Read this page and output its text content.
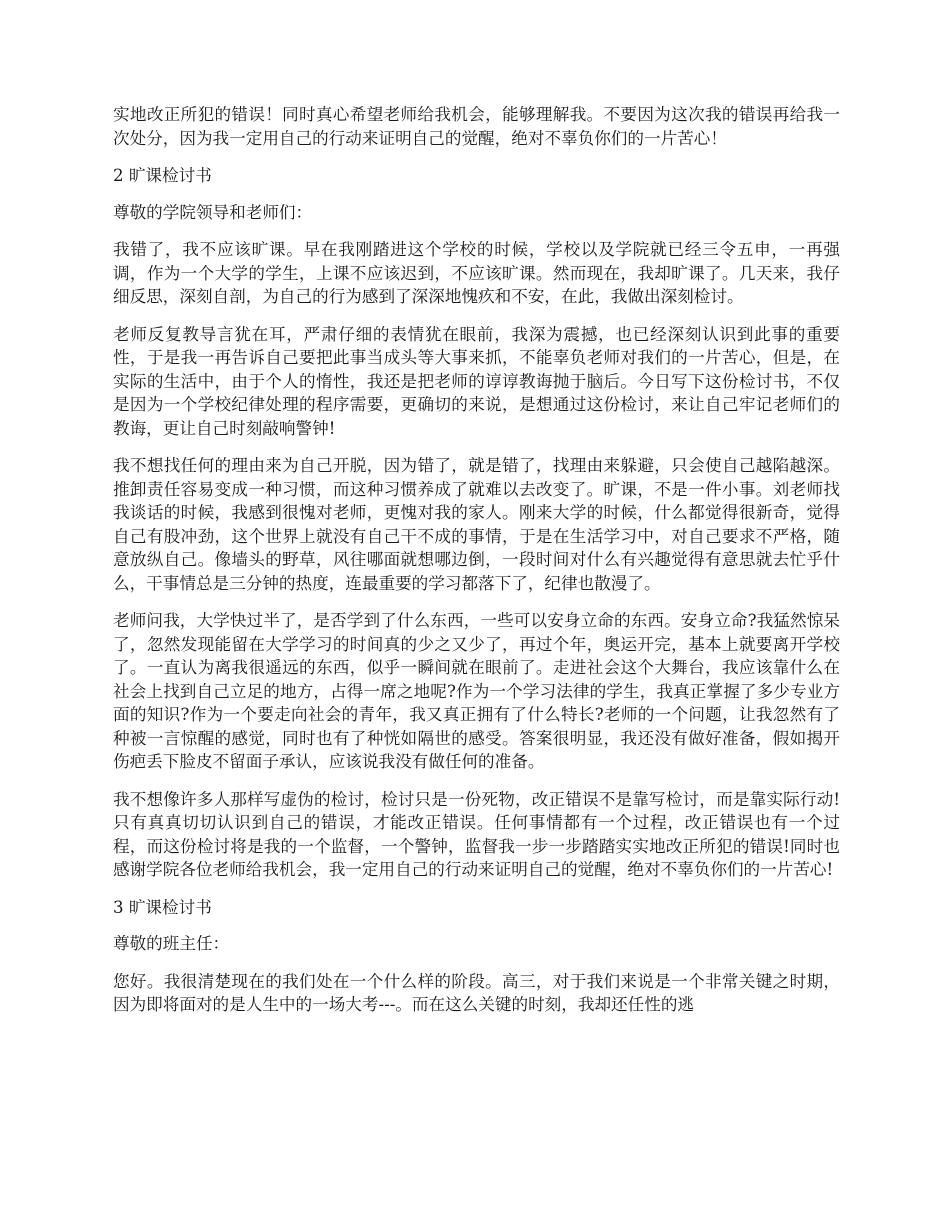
实地改正所犯的错误！同时真心希望老师给我机会，能够理解我。不要因为这次我的错误再给我一次处分，因为我一定用自己的行动来证明自己的觉醒，绝对不辜负你们的一片苦心！

2 旷课检讨书

尊敬的学院领导和老师们：

我错了，我不应该旷课。早在我刚踏进这个学校的时候，学校以及学院就已经三令五申，一再强调，作为一个大学的学生，上课不应该迟到，不应该旷课。然而现在，我却旷课了。几天来，我仔细反思，深刻自剖，为自己的行为感到了深深地愧疚和不安，在此，我做出深刻检讨。

老师反复教导言犹在耳，严肃仔细的表情犹在眼前，我深为震撼，也已经深刻认识到此事的重要性，于是我一再告诉自己要把此事当成头等大事来抓，不能辜负老师对我们的一片苦心，但是，在实际的生活中，由于个人的惰性，我还是把老师的谆谆教诲抛于脑后。今日写下这份检讨书，不仅是因为一个学校纪律处理的程序需要，更确切的来说，是想通过这份检讨，来让自己牢记老师们的教诲，更让自己时刻敲响警钟!

我不想找任何的理由来为自己开脱，因为错了，就是错了，找理由来躲避，只会使自己越陷越深。推卸责任容易变成一种习惯，而这种习惯养成了就难以去改变了。旷课，不是一件小事。刘老师找我谈话的时候，我感到很愧对老师，更愧对我的家人。刚来大学的时候，什么都觉得很新奇，觉得自己有股冲劲，这个世界上就没有自己干不成的事情，于是在生活学习中，对自己要求不严格，随意放纵自己。像墙头的野草，风往哪面就想哪边倒，一段时间对什么有兴趣觉得有意思就去忙乎什么，干事情总是三分钟的热度，连最重要的学习都落下了，纪律也散漫了。

老师问我，大学快过半了，是否学到了什么东西，一些可以安身立命的东西。安身立命?我猛然惊呆了，忽然发现能留在大学学习的时间真的少之又少了，再过个年，奥运开完，基本上就要离开学校了。一直认为离我很遥远的东西，似乎一瞬间就在眼前了。走进社会这个大舞台，我应该靠什么在社会上找到自己立足的地方，占得一席之地呢?作为一个学习法律的学生，我真正掌握了多少专业方面的知识?作为一个要走向社会的青年，我又真正拥有了什么特长?老师的一个问题，让我忽然有了种被一言惊醒的感觉，同时也有了种恍如隔世的感受。答案很明显，我还没有做好准备，假如揭开伤疤丢下脸皮不留面子承认，应该说我没有做任何的准备。

我不想像许多人那样写虚伪的检讨，检讨只是一份死物，改正错误不是靠写检讨，而是靠实际行动!只有真真切切认识到自己的错误，才能改正错误。任何事情都有一个过程，改正错误也有一个过程，而这份检讨将是我的一个监督，一个警钟，监督我一步一步踏踏实实地改正所犯的错误!同时也感谢学院各位老师给我机会，我一定用自己的行动来证明自己的觉醒，绝对不辜负你们的一片苦心!

3 旷课检讨书

尊敬的班主任：

您好。我很清楚现在的我们处在一个什么样的阶段。高三，对于我们来说是一个非常关键之时期，因为即将面对的是人生中的一场大考---。而在这么关键的时刻，我却还任性的逃
